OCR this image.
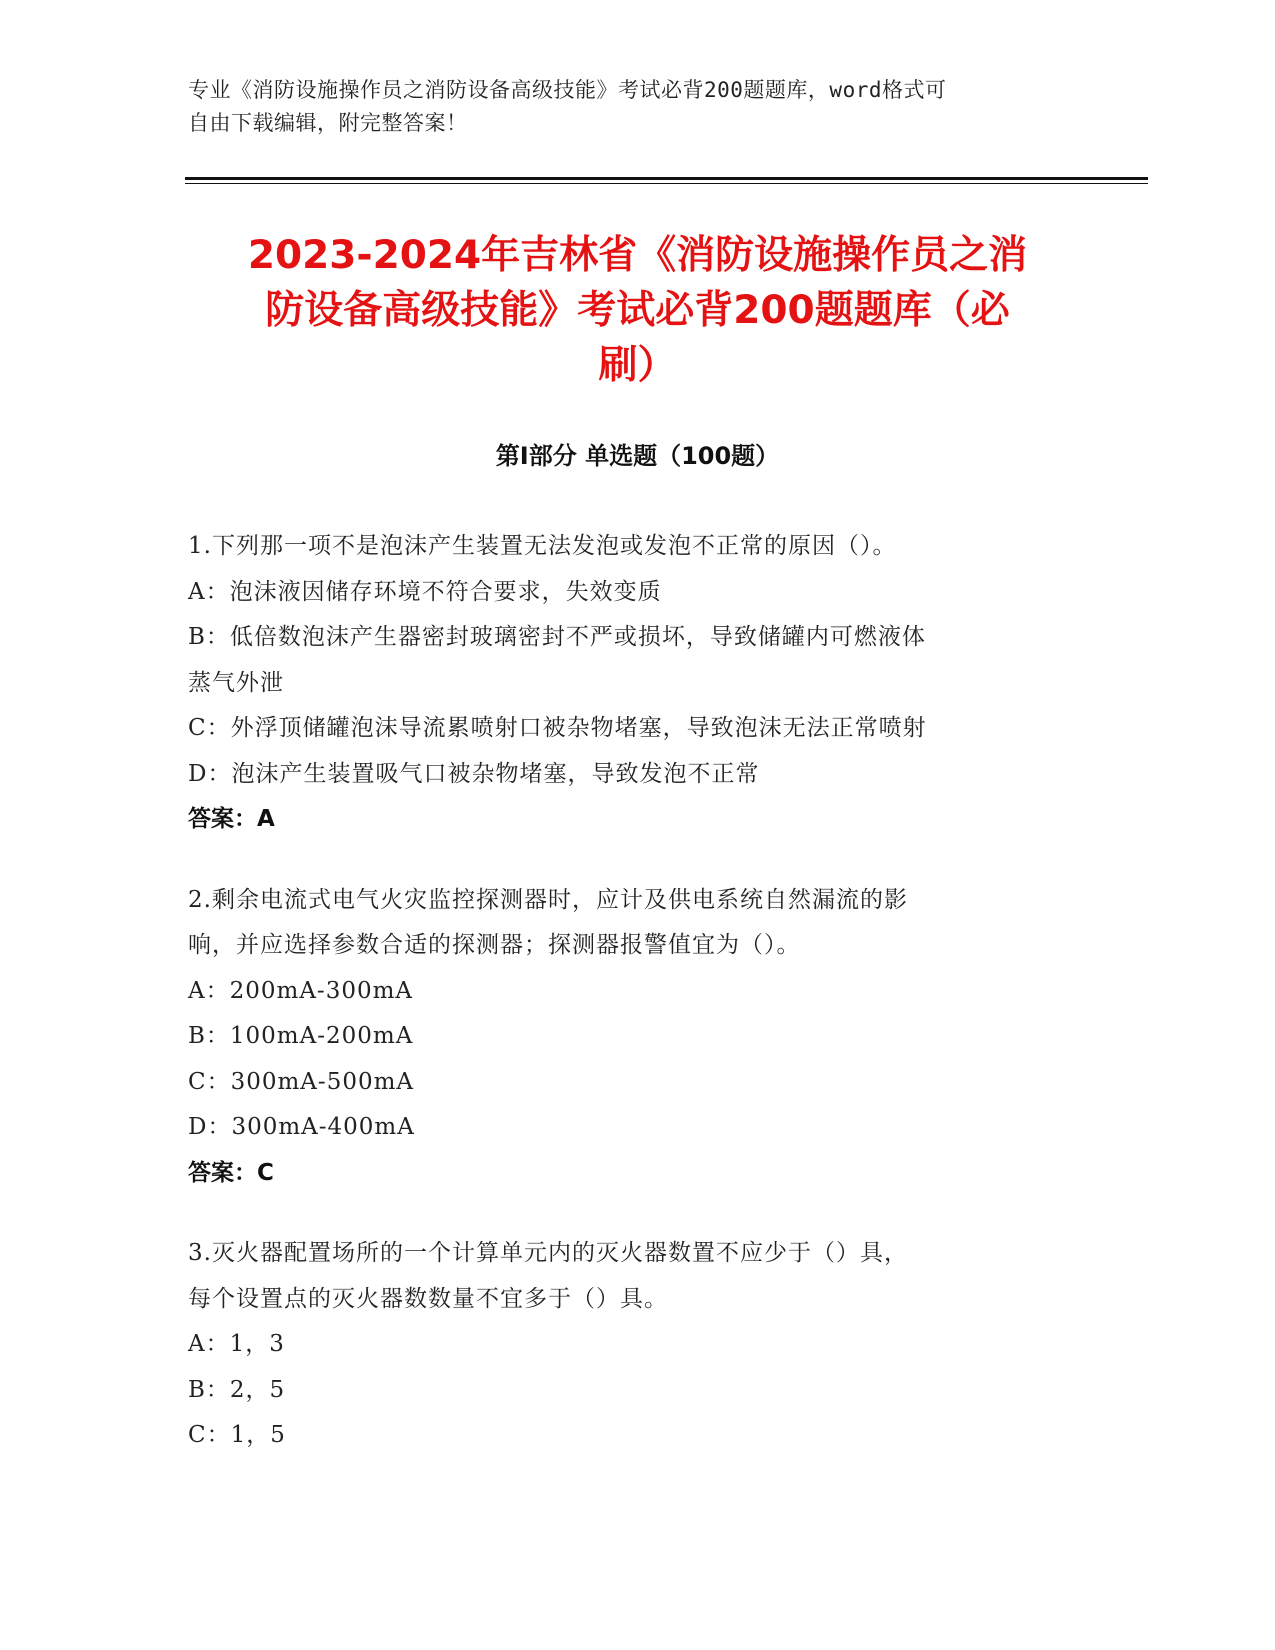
专业《消防设施操作员之消防设备高级技能》考试必背200题题库，word格式可
自由下载编辑，附完整答案！
2023-2024年吉林省《消防设施操作员之消
防设备高级技能》考试必背200题题库（必
刷）
第Ⅰ部分 单选题（100题）
1.下列那一项不是泡沫产生装置无法发泡或发泡不正常的原因（）。
A：泡沫液因储存环境不符合要求，失效变质
B：低倍数泡沫产生器密封玻璃密封不严或损坏，导致储罐内可燃液体
蒸气外泄
C：外浮顶储罐泡沫导流累喷射口被杂物堵塞，导致泡沫无法正常喷射
D：泡沫产生装置吸气口被杂物堵塞，导致发泡不正常
答案：A
2.剩余电流式电气火灾监控探测器时，应计及供电系统自然漏流的影
响，并应选择参数合适的探测器；探测器报警值宜为（）。
A：200mA-300mA
B：100mA-200mA
C：300mA-500mA
D：300mA-400mA
答案：C
3.灭火器配置场所的一个计算单元内的灭火器数置不应少于（）具，
每个设置点的灭火器数数量不宜多于（）具。
A：1，3
B：2，5
C：1，5
